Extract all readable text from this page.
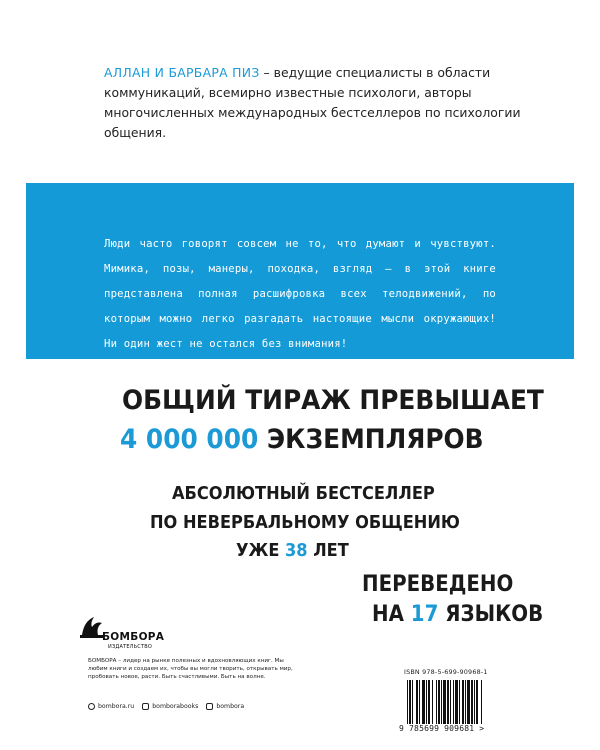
АЛЛАН И БАРБАРА ПИЗ – ведущие специалисты в области коммуникаций, всемирно известные психологи, авторы многочисленных международных бестселлеров по психологии общения.
Люди часто говорят совсем не то, что думают и чувствуют. Мимика, позы, манеры, походка, взгляд – в этой книге представлена полная расшифровка всех телодвижений, по которым можно легко разгадать настоящие мысли окружающих! Ни один жест не остался без внимания!
ОБЩИЙ ТИРАЖ ПРЕВЫШАЕТ
4 000 000 ЭКЗЕМПЛЯРОВ
АБСОЛЮТНЫЙ БЕСТСЕЛЛЕР
ПО НЕВЕРБАЛЬНОМУ ОБЩЕНИЮ
УЖЕ 38 ЛЕТ
ПЕРЕВЕДЕНО
НА 17 ЯЗЫКОВ
БОМБОРА
ИЗДАТЕЛЬСТВО
БОМБОРА – лидер на рынке полезных и вдохновляющих книг. Мы любим книги и создаем их, чтобы вы могли творить, открывать мир, пробовать новое, расти. Быть счастливыми. Быть на волне.
bombora.ru	bomborabooks	bombora
ISBN 978-5-699-90968-1
9 785699 909681 >
